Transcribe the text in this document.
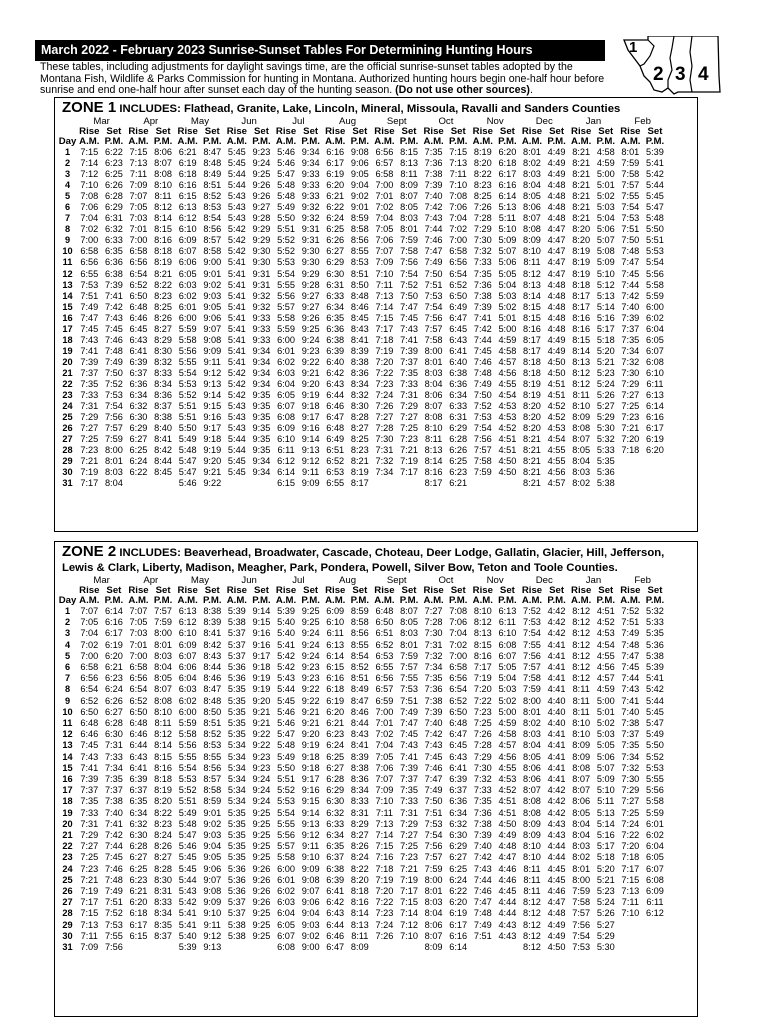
March 2022 - February 2023 Sunrise-Sunset Tables For Determining Hunting Hours
These tables, including adjustments for daylight savings time, are the official sunrise-sunset tables adopted by the Montana Fish, Wildlife & Parks Commission for hunting in Montana. Authorized hunting hours begin one-half hour before sunrise and end one-half hour after sunset each day of the hunting season. (Do not use other sources).
1
2 3 4
ZONE 1 INCLUDES: Flathead, Granite, Lake, Lincoln, Mineral, Missoula, Ravalli and Sanders Counties
	Mar		Apr		May		Jun		Jul		Aug		Sept		Oct		Nov		Dec		Jan		Feb	
	Rise	Set	Rise	Set	Rise	Set	Rise	Set	Rise	Set	Rise	Set	Rise	Set	Rise	Set	Rise	Set	Rise	Set	Rise	Set	Rise	Set
Day	A.M.	P.M.	A.M.	P.M.	A.M.	P.M.	A.M.	P.M.	A.M.	P.M.	A.M.	P.M.	A.M.	P.M.	A.M.	P.M.	A.M.	P.M.	A.M.	P.M.	A.M.	P.M.	A.M.	P.M.
1	7:15	6:22	7:15	8:06	6:21	8:47	5:45	9:23	5:46	9:34	6:16	9:08	6:56	8:15	7:35	7:15	8:19	6:20	8:01	4:49	8:21	4:58	8:01	5:39
2	7:14	6:23	7:13	8:07	6:19	8:48	5:45	9:24	5:46	9:34	6:17	9:06	6:57	8:13	7:36	7:13	8:20	6:18	8:02	4:49	8:21	4:59	7:59	5:41
3	7:12	6:25	7:11	8:08	6:18	8:49	5:44	9:25	5:47	9:33	6:19	9:05	6:58	8:11	7:38	7:11	8:22	6:17	8:03	4:49	8:21	5:00	7:58	5:42
4	7:10	6:26	7:09	8:10	6:16	8:51	5:44	9:26	5:48	9:33	6:20	9:04	7:00	8:09	7:39	7:10	8:23	6:16	8:04	4:48	8:21	5:01	7:57	5:44
5	7:08	6:28	7:07	8:11	6:15	8:52	5:43	9:26	5:48	9:33	6:21	9:02	7:01	8:07	7:40	7:08	8:25	6:14	8:05	4:48	8:21	5:02	7:55	5:45
6	7:06	6:29	7:05	8:12	6:13	8:53	5:43	9:27	5:49	9:32	6:22	9:01	7:02	8:05	7:42	7:06	7:26	5:13	8:06	4:48	8:21	5:03	7:54	5:47
7	7:04	6:31	7:03	8:14	6:12	8:54	5:43	9:28	5:50	9:32	6:24	8:59	7:04	8:03	7:43	7:04	7:28	5:11	8:07	4:48	8:21	5:04	7:53	5:48
8	7:02	6:32	7:01	8:15	6:10	8:56	5:42	9:29	5:51	9:31	6:25	8:58	7:05	8:01	7:44	7:02	7:29	5:10	8:08	4:47	8:20	5:06	7:51	5:50
9	7:00	6:33	7:00	8:16	6:09	8:57	5:42	9:29	5:52	9:31	6:26	8:56	7:06	7:59	7:46	7:00	7:30	5:09	8:09	4:47	8:20	5:07	7:50	5:51
10	6:58	6:35	6:58	8:18	6:07	8:58	5:42	9:30	5:52	9:30	6:27	8:55	7:07	7:58	7:47	6:58	7:32	5:07	8:10	4:47	8:19	5:08	7:48	5:53
11	6:56	6:36	6:56	8:19	6:06	9:00	5:41	9:30	5:53	9:30	6:29	8:53	7:09	7:56	7:49	6:56	7:33	5:06	8:11	4:47	8:19	5:09	7:47	5:54
12	6:55	6:38	6:54	8:21	6:05	9:01	5:41	9:31	5:54	9:29	6:30	8:51	7:10	7:54	7:50	6:54	7:35	5:05	8:12	4:47	8:19	5:10	7:45	5:56
13	7:53	7:39	6:52	8:22	6:03	9:02	5:41	9:31	5:55	9:28	6:31	8:50	7:11	7:52	7:51	6:52	7:36	5:04	8:13	4:48	8:18	5:12	7:44	5:58
14	7:51	7:41	6:50	8:23	6:02	9:03	5:41	9:32	5:56	9:27	6:33	8:48	7:13	7:50	7:53	6:50	7:38	5:03	8:14	4:48	8:17	5:13	7:42	5:59
15	7:49	7:42	6:48	8:25	6:01	9:05	5:41	9:32	5:57	9:27	6:34	8:46	7:14	7:47	7:54	6:49	7:39	5:02	8:15	4:48	8:17	5:14	7:40	6:00
16	7:47	7:43	6:46	8:26	6:00	9:06	5:41	9:33	5:58	9:26	6:35	8:45	7:15	7:45	7:56	6:47	7:41	5:01	8:15	4:48	8:16	5:16	7:39	6:02
17	7:45	7:45	6:45	8:27	5:59	9:07	5:41	9:33	5:59	9:25	6:36	8:43	7:17	7:43	7:57	6:45	7:42	5:00	8:16	4:48	8:16	5:17	7:37	6:04
18	7:43	7:46	6:43	8:29	5:58	9:08	5:41	9:33	6:00	9:24	6:38	8:41	7:18	7:41	7:58	6:43	7:44	4:59	8:17	4:49	8:15	5:18	7:35	6:05
19	7:41	7:48	6:41	8:30	5:56	9:09	5:41	9:34	6:01	9:23	6:39	8:39	7:19	7:39	8:00	6:41	7:45	4:58	8:17	4:49	8:14	5:20	7:34	6:07
20	7:39	7:49	6:39	8:32	5:55	9:11	5:41	9:34	6:02	9:22	6:40	8:38	7:20	7:37	8:01	6:40	7:46	4:57	8:18	4:50	8:13	5:21	7:32	6:08
21	7:37	7:50	6:37	8:33	5:54	9:12	5:42	9:34	6:03	9:21	6:42	8:36	7:22	7:35	8:03	6:38	7:48	4:56	8:18	4:50	8:12	5:23	7:30	6:10
22	7:35	7:52	6:36	8:34	5:53	9:13	5:42	9:34	6:04	9:20	6:43	8:34	7:23	7:33	8:04	6:36	7:49	4:55	8:19	4:51	8:12	5:24	7:29	6:11
23	7:33	7:53	6:34	8:36	5:52	9:14	5:42	9:35	6:05	9:19	6:44	8:32	7:24	7:31	8:06	6:34	7:50	4:54	8:19	4:51	8:11	5:26	7:27	6:13
24	7:31	7:54	6:32	8:37	5:51	9:15	5:43	9:35	6:07	9:18	6:46	8:30	7:26	7:29	8:07	6:33	7:52	4:53	8:20	4:52	8:10	5:27	7:25	6:14
25	7:29	7:56	6:30	8:38	5:51	9:16	5:43	9:35	6:08	9:17	6:47	8:28	7:27	7:27	8:08	6:31	7:53	4:53	8:20	4:52	8:09	5:29	7:23	6:16
26	7:27	7:57	6:29	8:40	5:50	9:17	5:43	9:35	6:09	9:16	6:48	8:27	7:28	7:25	8:10	6:29	7:54	4:52	8:20	4:53	8:08	5:30	7:21	6:17
27	7:25	7:59	6:27	8:41	5:49	9:18	5:44	9:35	6:10	9:14	6:49	8:25	7:30	7:23	8:11	6:28	7:56	4:51	8:21	4:54	8:07	5:32	7:20	6:19
28	7:23	8:00	6:25	8:42	5:48	9:19	5:44	9:35	6:11	9:13	6:51	8:23	7:31	7:21	8:13	6:26	7:57	4:51	8:21	4:55	8:05	5:33	7:18	6:20
29	7:21	8:01	6:24	8:44	5:47	9:20	5:45	9:34	6:12	9:12	6:52	8:21	7:32	7:19	8:14	6:25	7:58	4:50	8:21	4:55	8:04	5:35		
30	7:19	8:03	6:22	8:45	5:47	9:21	5:45	9:34	6:14	9:11	6:53	8:19	7:34	7:17	8:16	6:23	7:59	4:50	8:21	4:56	8:03	5:36		
31	7:17	8:04			5:46	9:22			6:15	9:09	6:55	8:17			8:17	6:21			8:21	4:57	8:02	5:38		
ZONE 2 INCLUDES: Beaverhead, Broadwater, Cascade, Choteau, Deer Lodge, Gallatin, Glacier, Hill, Jefferson, Lewis & Clark, Liberty, Madison, Meagher, Park, Pondera, Powell, Silver Bow, Teton and Toole Counties.
	Mar		Apr		May		Jun		Jul		Aug		Sept		Oct		Nov		Dec		Jan		Feb	
	Rise	Set	Rise	Set	Rise	Set	Rise	Set	Rise	Set	Rise	Set	Rise	Set	Rise	Set	Rise	Set	Rise	Set	Rise	Set	Rise	Set
Day	A.M.	P.M.	A.M.	P.M.	A.M.	P.M.	A.M.	P.M.	A.M.	P.M.	A.M.	P.M.	A.M.	P.M.	A.M.	P.M.	A.M.	P.M.	A.M.	P.M.	A.M.	P.M.	A.M.	P.M.
1	7:07	6:14	7:07	7:57	6:13	8:38	5:39	9:14	5:39	9:25	6:09	8:59	6:48	8:07	7:27	7:08	8:10	6:13	7:52	4:42	8:12	4:51	7:52	5:32
2	7:05	6:16	7:05	7:59	6:12	8:39	5:38	9:15	5:40	9:25	6:10	8:58	6:50	8:05	7:28	7:06	8:12	6:11	7:53	4:42	8:12	4:52	7:51	5:33
3	7:04	6:17	7:03	8:00	6:10	8:41	5:37	9:16	5:40	9:24	6:11	8:56	6:51	8:03	7:30	7:04	8:13	6:10	7:54	4:42	8:12	4:53	7:49	5:35
4	7:02	6:19	7:01	8:01	6:09	8:42	5:37	9:16	5:41	9:24	6:13	8:55	6:52	8:01	7:31	7:02	8:15	6:08	7:55	4:41	8:12	4:54	7:48	5:36
5	7:00	6:20	7:00	8:03	6:07	8:43	5:37	9:17	5:42	9:24	6:14	8:54	6:53	7:59	7:32	7:00	8:16	6:07	7:56	4:41	8:12	4:55	7:47	5:38
6	6:58	6:21	6:58	8:04	6:06	8:44	5:36	9:18	5:42	9:23	6:15	8:52	6:55	7:57	7:34	6:58	7:17	5:05	7:57	4:41	8:12	4:56	7:45	5:39
7	6:56	6:23	6:56	8:05	6:04	8:46	5:36	9:19	5:43	9:23	6:16	8:51	6:56	7:55	7:35	6:56	7:19	5:04	7:58	4:41	8:12	4:57	7:44	5:41
8	6:54	6:24	6:54	8:07	6:03	8:47	5:35	9:19	5:44	9:22	6:18	8:49	6:57	7:53	7:36	6:54	7:20	5:03	7:59	4:41	8:11	4:59	7:43	5:42
9	6:52	6:26	6:52	8:08	6:02	8:48	5:35	9:20	5:45	9:22	6:19	8:47	6:59	7:51	7:38	6:52	7:22	5:02	8:00	4:40	8:11	5:00	7:41	5:44
10	6:50	6:27	6:50	8:10	6:00	8:50	5:35	9:21	5:46	9:21	6:20	8:46	7:00	7:49	7:39	6:50	7:23	5:00	8:01	4:40	8:11	5:01	7:40	5:45
11	6:48	6:28	6:48	8:11	5:59	8:51	5:35	9:21	5:46	9:21	6:21	8:44	7:01	7:47	7:40	6:48	7:25	4:59	8:02	4:40	8:10	5:02	7:38	5:47
12	6:46	6:30	6:46	8:12	5:58	8:52	5:35	9:22	5:47	9:20	6:23	8:43	7:02	7:45	7:42	6:47	7:26	4:58	8:03	4:41	8:10	5:03	7:37	5:49
13	7:45	7:31	6:44	8:14	5:56	8:53	5:34	9:22	5:48	9:19	6:24	8:41	7:04	7:43	7:43	6:45	7:28	4:57	8:04	4:41	8:09	5:05	7:35	5:50
14	7:43	7:33	6:43	8:15	5:55	8:55	5:34	9:23	5:49	9:18	6:25	8:39	7:05	7:41	7:45	6:43	7:29	4:56	8:05	4:41	8:09	5:06	7:34	5:52
15	7:41	7:34	6:41	8:16	5:54	8:56	5:34	9:23	5:50	9:18	6:27	8:38	7:06	7:39	7:46	6:41	7:30	4:55	8:06	4:41	8:08	5:07	7:32	5:53
16	7:39	7:35	6:39	8:18	5:53	8:57	5:34	9:24	5:51	9:17	6:28	8:36	7:07	7:37	7:47	6:39	7:32	4:53	8:06	4:41	8:07	5:09	7:30	5:55
17	7:37	7:37	6:37	8:19	5:52	8:58	5:34	9:24	5:52	9:16	6:29	8:34	7:09	7:35	7:49	6:37	7:33	4:52	8:07	4:42	8:07	5:10	7:29	5:56
18	7:35	7:38	6:35	8:20	5:51	8:59	5:34	9:24	5:53	9:15	6:30	8:33	7:10	7:33	7:50	6:36	7:35	4:51	8:08	4:42	8:06	5:11	7:27	5:58
19	7:33	7:40	6:34	8:22	5:49	9:01	5:35	9:25	5:54	9:14	6:32	8:31	7:11	7:31	7:51	6:34	7:36	4:51	8:08	4:42	8:05	5:13	7:25	5:59
20	7:31	7:41	6:32	8:23	5:48	9:02	5:35	9:25	5:55	9:13	6:33	8:29	7:13	7:29	7:53	6:32	7:38	4:50	8:09	4:43	8:04	5:14	7:24	6:01
21	7:29	7:42	6:30	8:24	5:47	9:03	5:35	9:25	5:56	9:12	6:34	8:27	7:14	7:27	7:54	6:30	7:39	4:49	8:09	4:43	8:04	5:16	7:22	6:02
22	7:27	7:44	6:28	8:26	5:46	9:04	5:35	9:25	5:57	9:11	6:35	8:26	7:15	7:25	7:56	6:29	7:40	4:48	8:10	4:44	8:03	5:17	7:20	6:04
23	7:25	7:45	6:27	8:27	5:45	9:05	5:35	9:25	5:58	9:10	6:37	8:24	7:16	7:23	7:57	6:27	7:42	4:47	8:10	4:44	8:02	5:18	7:18	6:05
24	7:23	7:46	6:25	8:28	5:45	9:06	5:36	9:26	6:00	9:09	6:38	8:22	7:18	7:21	7:59	6:25	7:43	4:46	8:11	4:45	8:01	5:20	7:17	6:07
25	7:21	7:48	6:23	8:30	5:44	9:07	5:36	9:26	6:01	9:08	6:39	8:20	7:19	7:19	8:00	6:24	7:44	4:46	8:11	4:45	8:00	5:21	7:15	6:08
26	7:19	7:49	6:21	8:31	5:43	9:08	5:36	9:26	6:02	9:07	6:41	8:18	7:20	7:17	8:01	6:22	7:46	4:45	8:11	4:46	7:59	5:23	7:13	6:09
27	7:17	7:51	6:20	8:33	5:42	9:09	5:37	9:26	6:03	9:06	6:42	8:16	7:22	7:15	8:03	6:20	7:47	4:44	8:12	4:47	7:58	5:24	7:11	6:11
28	7:15	7:52	6:18	8:34	5:41	9:10	5:37	9:25	6:04	9:04	6:43	8:14	7:23	7:14	8:04	6:19	7:48	4:44	8:12	4:48	7:57	5:26	7:10	6:12
29	7:13	7:53	6:17	8:35	5:41	9:11	5:38	9:25	6:05	9:03	6:44	8:13	7:24	7:12	8:06	6:17	7:49	4:43	8:12	4:49	7:56	5:27		
30	7:11	7:55	6:15	8:37	5:40	9:12	5:38	9:25	6:07	9:02	6:46	8:11	7:26	7:10	8:07	6:16	7:51	4:43	8:12	4:49	7:54	5:29		
31	7:09	7:56			5:39	9:13			6:08	9:00	6:47	8:09			8:09	6:14			8:12	4:50	7:53	5:30		
